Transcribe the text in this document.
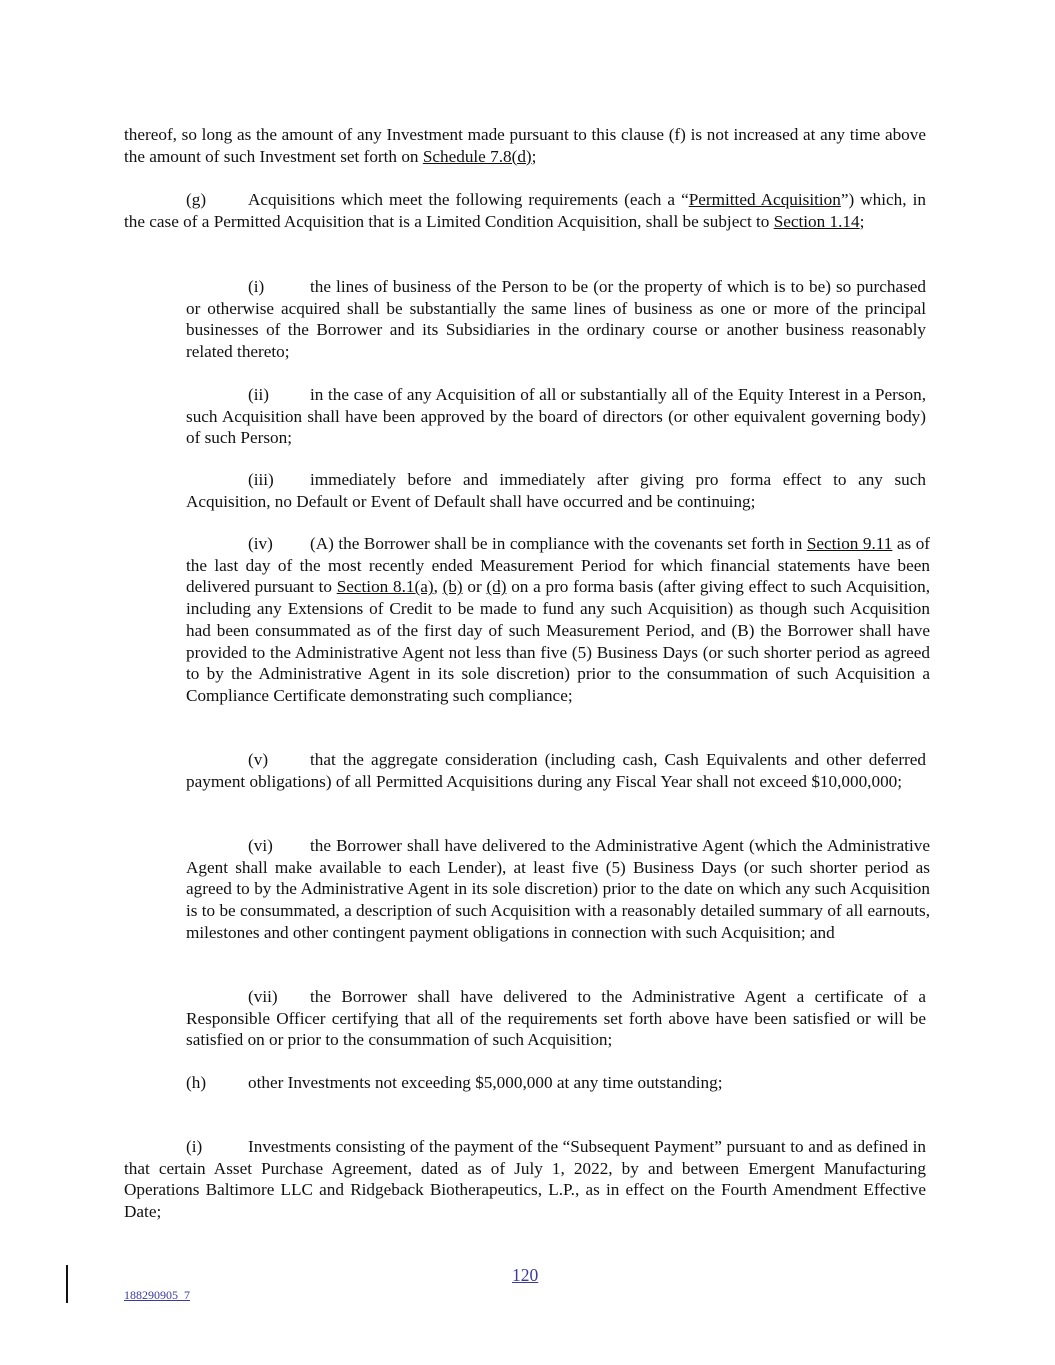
thereof, so long as the amount of any Investment made pursuant to this clause (f) is not increased at any time above the amount of such Investment set forth on Schedule 7.8(d);

(g) Acquisitions which meet the following requirements (each a “Permitted Acquisition”) which, in the case of a Permitted Acquisition that is a Limited Condition Acquisition, shall be subject to Section 1.14;

(i)	the lines of business of the Person to be (or the property of which is to be) so purchased or otherwise acquired shall be substantially the same lines of business as one or more of the principal businesses of the Borrower and its Subsidiaries in the ordinary course or another business reasonably related thereto;

(ii) in the case of any Acquisition of all or substantially all of the Equity Interest in a Person, such Acquisition shall have been approved by the board of directors (or other equivalent governing body) of such Person;

(iii) immediately before and immediately after giving pro forma effect to any such Acquisition, no Default or Event of Default shall have occurred and be continuing;

(iv) (A) the Borrower shall be in compliance with the covenants set forth in Section 9.11 as of the last day of the most recently ended Measurement Period for which financial statements have been delivered pursuant to Section 8.1(a), (b) or (d) on a pro forma basis (after giving effect to such Acquisition, including any Extensions of Credit to be made to fund any such Acquisition) as though such Acquisition had been consummated as of the first day of such Measurement Period, and (B) the Borrower shall have provided to the Administrative Agent not less than five (5) Business Days (or such shorter period as agreed to by the Administrative Agent in its sole discretion) prior to the consummation of such Acquisition a Compliance Certificate demonstrating such compliance;

(v) that the aggregate consideration (including cash, Cash Equivalents and other deferred payment obligations) of all Permitted Acquisitions during any Fiscal Year shall not exceed $10,000,000;

(vi) the Borrower shall have delivered to the Administrative Agent (which the Administrative Agent shall make available to each Lender), at least five (5) Business Days (or such shorter period as agreed to by the Administrative Agent in its sole discretion) prior to the date on which any such Acquisition is to be consummated, a description of such Acquisition with a reasonably detailed summary of all earnouts, milestones and other contingent payment obligations in connection with such Acquisition; and

(vii) the Borrower shall have delivered to the Administrative Agent a certificate of a Responsible Officer certifying that all of the requirements set forth above have been satisfied or will be satisfied on or prior to the consummation of such Acquisition;

(h) other Investments not exceeding $5,000,000 at any time outstanding;

(i)	Investments consisting of the payment of the “Subsequent Payment” pursuant to and as defined in that certain Asset Purchase Agreement, dated as of July 1, 2022, by and between Emergent Manufacturing Operations Baltimore LLC and Ridgeback Biotherapeutics, L.P., as in effect on the Fourth Amendment Effective Date;

120
188290905_7
